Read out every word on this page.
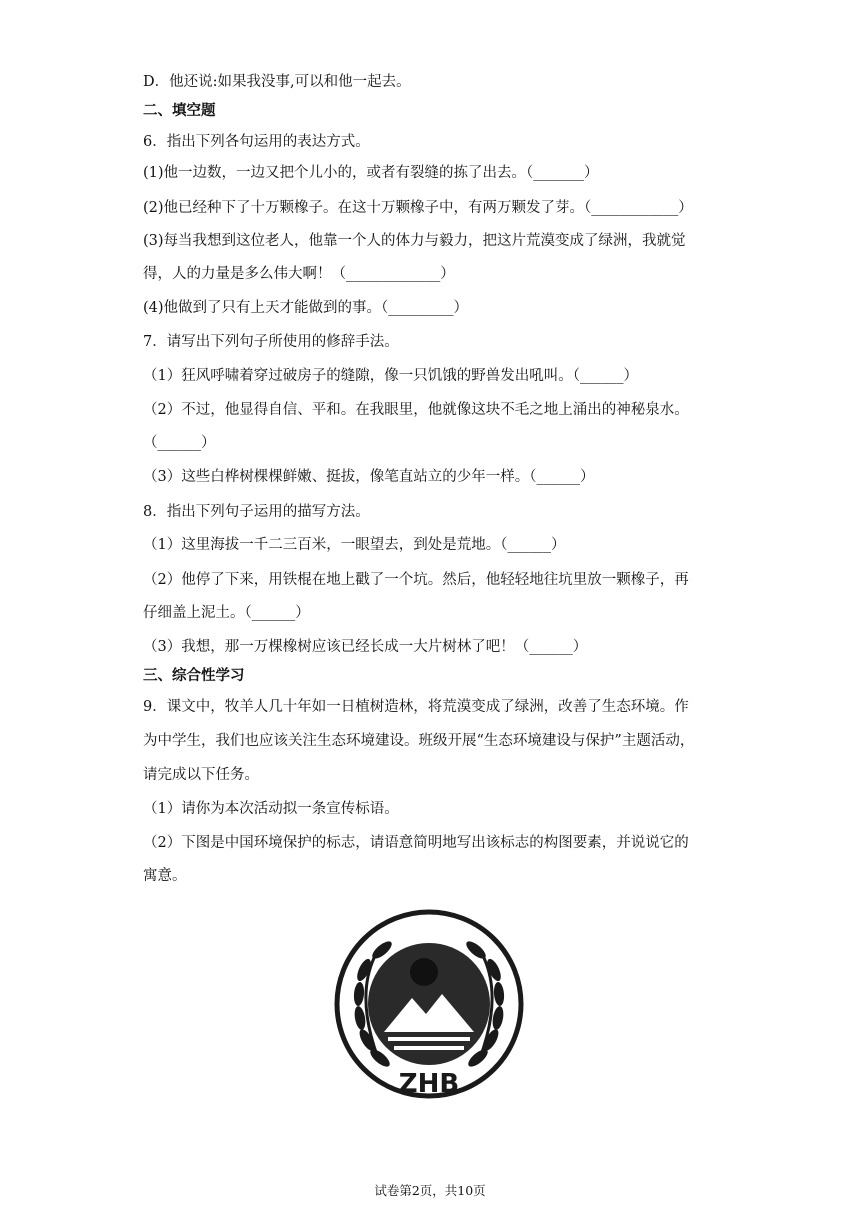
D．他还说:如果我没事,可以和他一起去。
二、填空题
6．指出下列各句运用的表达方式。
(1)他一边数，一边又把个儿小的，或者有裂缝的拣了出去。（_______）
(2)他已经种下了十万颗橡子。在这十万颗橡子中，有两万颗发了芽。（____________）
(3)每当我想到这位老人，他靠一个人的体力与毅力，把这片荒漠变成了绿洲，我就觉
得，人的力量是多么伟大啊！（_____________）
(4)他做到了只有上天才能做到的事。（_________）
7．请写出下列句子所使用的修辞手法。
（1）狂风呼啸着穿过破房子的缝隙，像一只饥饿的野兽发出吼叫。（______）
（2）不过，他显得自信、平和。在我眼里，他就像这块不毛之地上涌出的神秘泉水。
（______）
（3）这些白桦树棵棵鲜嫩、挺拔，像笔直站立的少年一样。（______）
8．指出下列句子运用的描写方法。
（1）这里海拔一千二三百米，一眼望去，到处是荒地。（______）
（2）他停了下来，用铁棍在地上戳了一个坑。然后，他轻轻地往坑里放一颗橡子，再
仔细盖上泥土。（______）
（3）我想，那一万棵橡树应该已经长成一大片树林了吧！（______）
三、综合性学习
9．课文中，牧羊人几十年如一日植树造林，将荒漠变成了绿洲，改善了生态环境。作
为中学生，我们也应该关注生态环境建设。班级开展“生态环境建设与保护”主题活动，
请完成以下任务。
（1）请你为本次活动拟一条宣传标语。
（2）下图是中国环境保护的标志，请语意简明地写出该标志的构图要素，并说说它的
寓意。
ZHB
试卷第2页，共10页
